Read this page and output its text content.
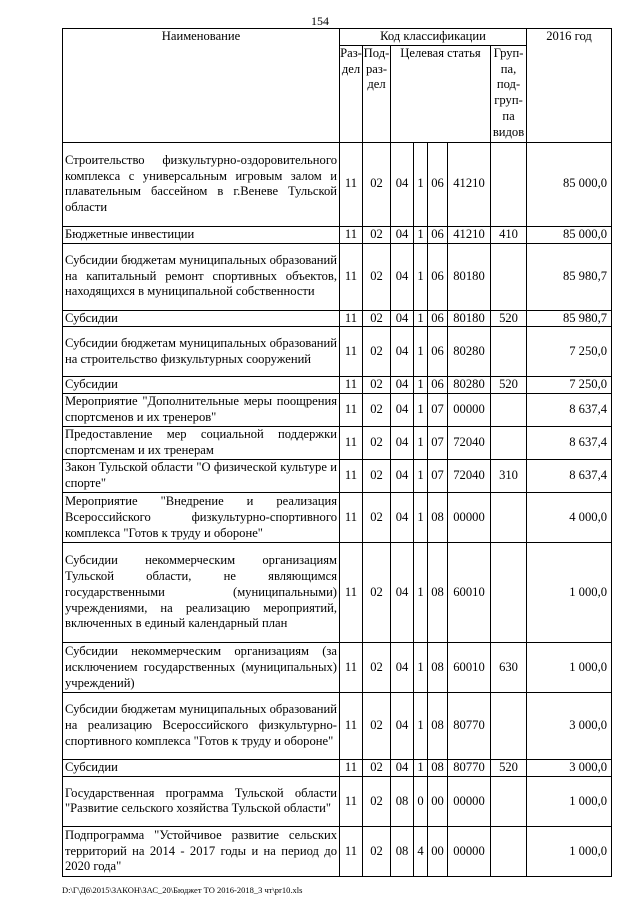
154
Наименование	Код классификации							2016 год
	Раз-дел	Под-раз-дел	Целевая статья				Груп-па, под-груп-па видов	
Строительство физкультурно-оздоровительного комплекса с универсальным игровым залом и плавательным бассейном в г.Веневе Тульской области	11	02	04	1	06	41210		85 000,0
Бюджетные инвестиции	11	02	04	1	06	41210	410	85 000,0
Субсидии бюджетам муниципальных образований на капитальный ремонт спортивных объектов, находящихся в муниципальной собственности	11	02	04	1	06	80180		85 980,7
Субсидии	11	02	04	1	06	80180	520	85 980,7
Субсидии бюджетам муниципальных образований на строительство физкультурных сооружений	11	02	04	1	06	80280		7 250,0
Субсидии	11	02	04	1	06	80280	520	7 250,0
Мероприятие "Дополнительные меры поощрения спортсменов и их тренеров"	11	02	04	1	07	00000		8 637,4
Предоставление мер социальной поддержки спортсменам и их тренерам	11	02	04	1	07	72040		8 637,4
Закон Тульской области "О физической культуре и спорте"	11	02	04	1	07	72040	310	8 637,4
Мероприятие "Внедрение и реализация Всероссийского физкультурно-спортивного комплекса "Готов к труду и обороне"	11	02	04	1	08	00000		4 000,0
Субсидии некоммерческим организациям Тульской области, не являющимся государственными (муниципальными) учреждениями, на реализацию мероприятий, включенных в единый календарный план	11	02	04	1	08	60010		1 000,0
Субсидии некоммерческим организациям (за исключением государственных (муниципальных) учреждений)	11	02	04	1	08	60010	630	1 000,0
Субсидии бюджетам муниципальных образований на реализацию Всероссийского физкультурно-спортивного комплекса "Готов к труду и обороне"	11	02	04	1	08	80770		3 000,0
Субсидии	11	02	04	1	08	80770	520	3 000,0
Государственная программа Тульской области "Развитие сельского хозяйства Тульской области"	11	02	08	0	00	00000		1 000,0
Подпрограмма "Устойчивое развитие сельских территорий на 2014 - 2017 годы и на период до 2020 года"	11	02	08	4	00	00000		1 000,0
D:\Г\Д6\2015\ЗАКОН\ЗАС_20\Бюджет ТО 2016-2018_3 чт\pr10.xls
